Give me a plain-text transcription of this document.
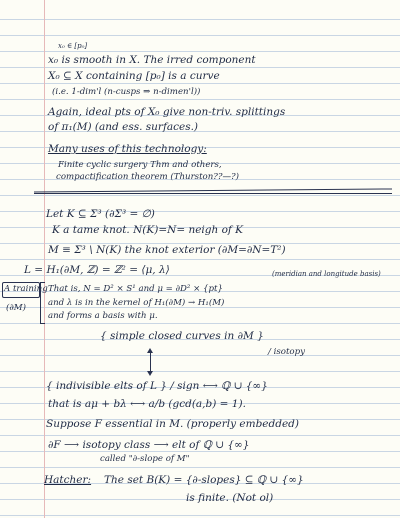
x₀ ∈ [p₀]
x₀ is smooth in X. The irred component
X₀ ⊆ X containing [p₀] is a curve
(i.e. 1-dim'l (n-cusps ⇒ n-dimen'l))
Again, ideal pts of X₀ give non-triv. splittings
of π₁(M) (and ess. surfaces.)
Many uses of this technology:
Finite cyclic surgery Thm and others,
compactification theorem (Thurston??—?)
Let K ⊆ Σ³ (∂Σ³ = ∅)
K a tame knot. N(K)=N= neigh of K
M ≡ Σ³ \ N(K) the knot exterior (∂M=∂N=T²)
L = H₁(∂M, ℤ) = ℤ² = ⟨μ, λ⟩	(meridian and longitude basis)
A training
(∂M)
That is, N = D² × S¹ and μ = ∂D² × {pt}
and λ is in the kernel of H₁(∂M) → H₁(M)
and forms a basis with μ.
{ simple closed curves in ∂M }
/ isotopy
{ indivisible elts of L } / sign ⟷ ℚ ∪ {∞}
that is aμ + bλ ⟷ a/b (gcd(a,b) = 1).
Suppose F essential in M. (properly embedded)
∂F ⟶ isotopy class ⟶ elt of ℚ ∪ {∞}
called "∂-slope of M"
Hatcher: The set B(K) = {∂-slopes} ⊆ ℚ ∪ {∞}
is finite. (Not ol)
